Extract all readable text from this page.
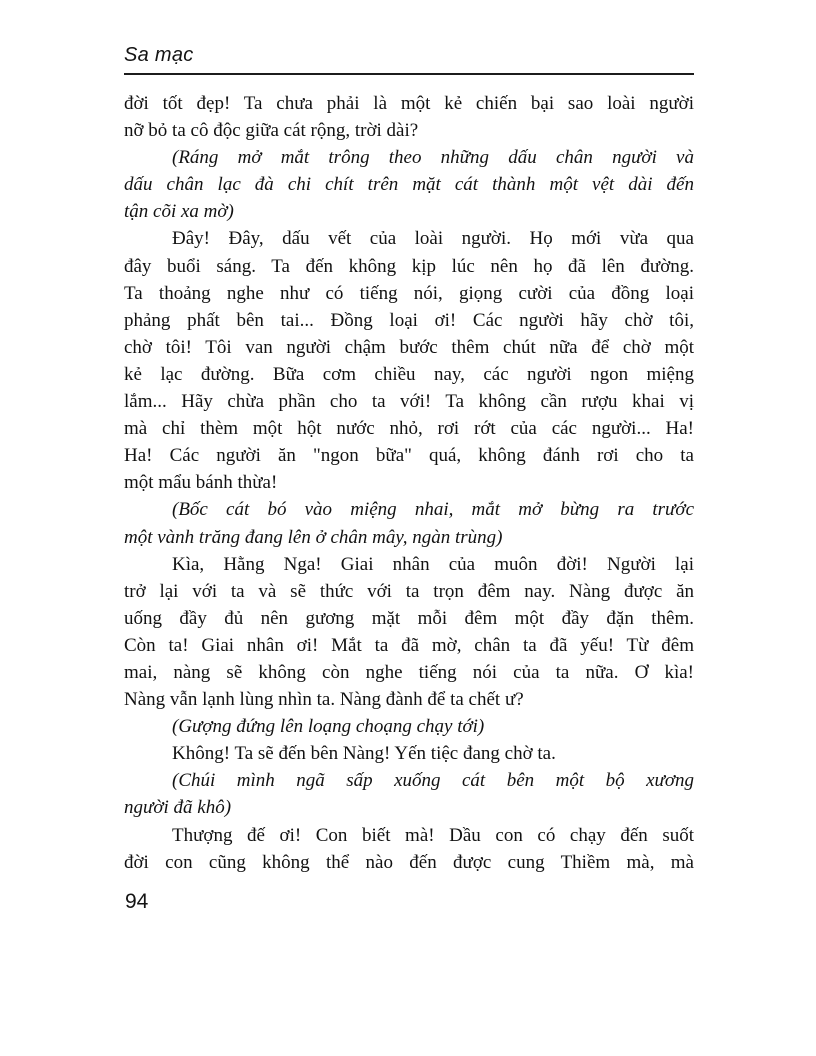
Sa mạc
đời tốt đẹp! Ta chưa phải là một kẻ chiến bại sao loài người
nỡ bỏ ta cô độc giữa cát rộng, trời dài?
(Ráng mở mắt trông theo những dấu chân người và
dấu chân lạc đà chi chít trên mặt cát thành một vệt dài đến
tận cõi xa mờ)
Đây! Đây, dấu vết của loài người. Họ mới vừa qua
đây buổi sáng. Ta đến không kịp lúc nên họ đã lên đường.
Ta thoảng nghe như có tiếng nói, giọng cười của đồng loại
phảng phất bên tai... Đồng loại ơi! Các người hãy chờ tôi,
chờ tôi! Tôi van người chậm bước thêm chút nữa để chờ một
kẻ lạc đường. Bữa cơm chiều nay, các người ngon miệng
lắm... Hãy chừa phần cho ta với! Ta không cần rượu khai vị
mà chỉ thèm một hột nước nhỏ, rơi rớt của các người... Ha!
Ha! Các người ăn "ngon bữa" quá, không đánh rơi cho ta
một mẩu bánh thừa!
(Bốc cát bó vào miệng nhai, mắt mở bừng ra trước
một vành trăng đang lên ở chân mây, ngàn trùng)
Kìa, Hằng Nga! Giai nhân của muôn đời! Người lại
trở lại với ta và sẽ thức với ta trọn đêm nay. Nàng được ăn
uống đầy đủ nên gương mặt mỗi đêm một đầy đặn thêm.
Còn ta! Giai nhân ơi! Mắt ta đã mờ, chân ta đã yếu! Từ đêm
mai, nàng sẽ không còn nghe tiếng nói của ta nữa. Ơ kìa!
Nàng vẫn lạnh lùng nhìn ta. Nàng đành để ta chết ư?
(Gượng đứng lên loạng choạng chạy tới)
Không! Ta sẽ đến bên Nàng! Yến tiệc đang chờ ta.
(Chúi mình ngã sấp xuống cát bên một bộ xương
người đã khô)
Thượng đế ơi! Con biết mà! Dầu con có chạy đến suốt
đời con cũng không thể nào đến được cung Thiềm mà, mà
94
